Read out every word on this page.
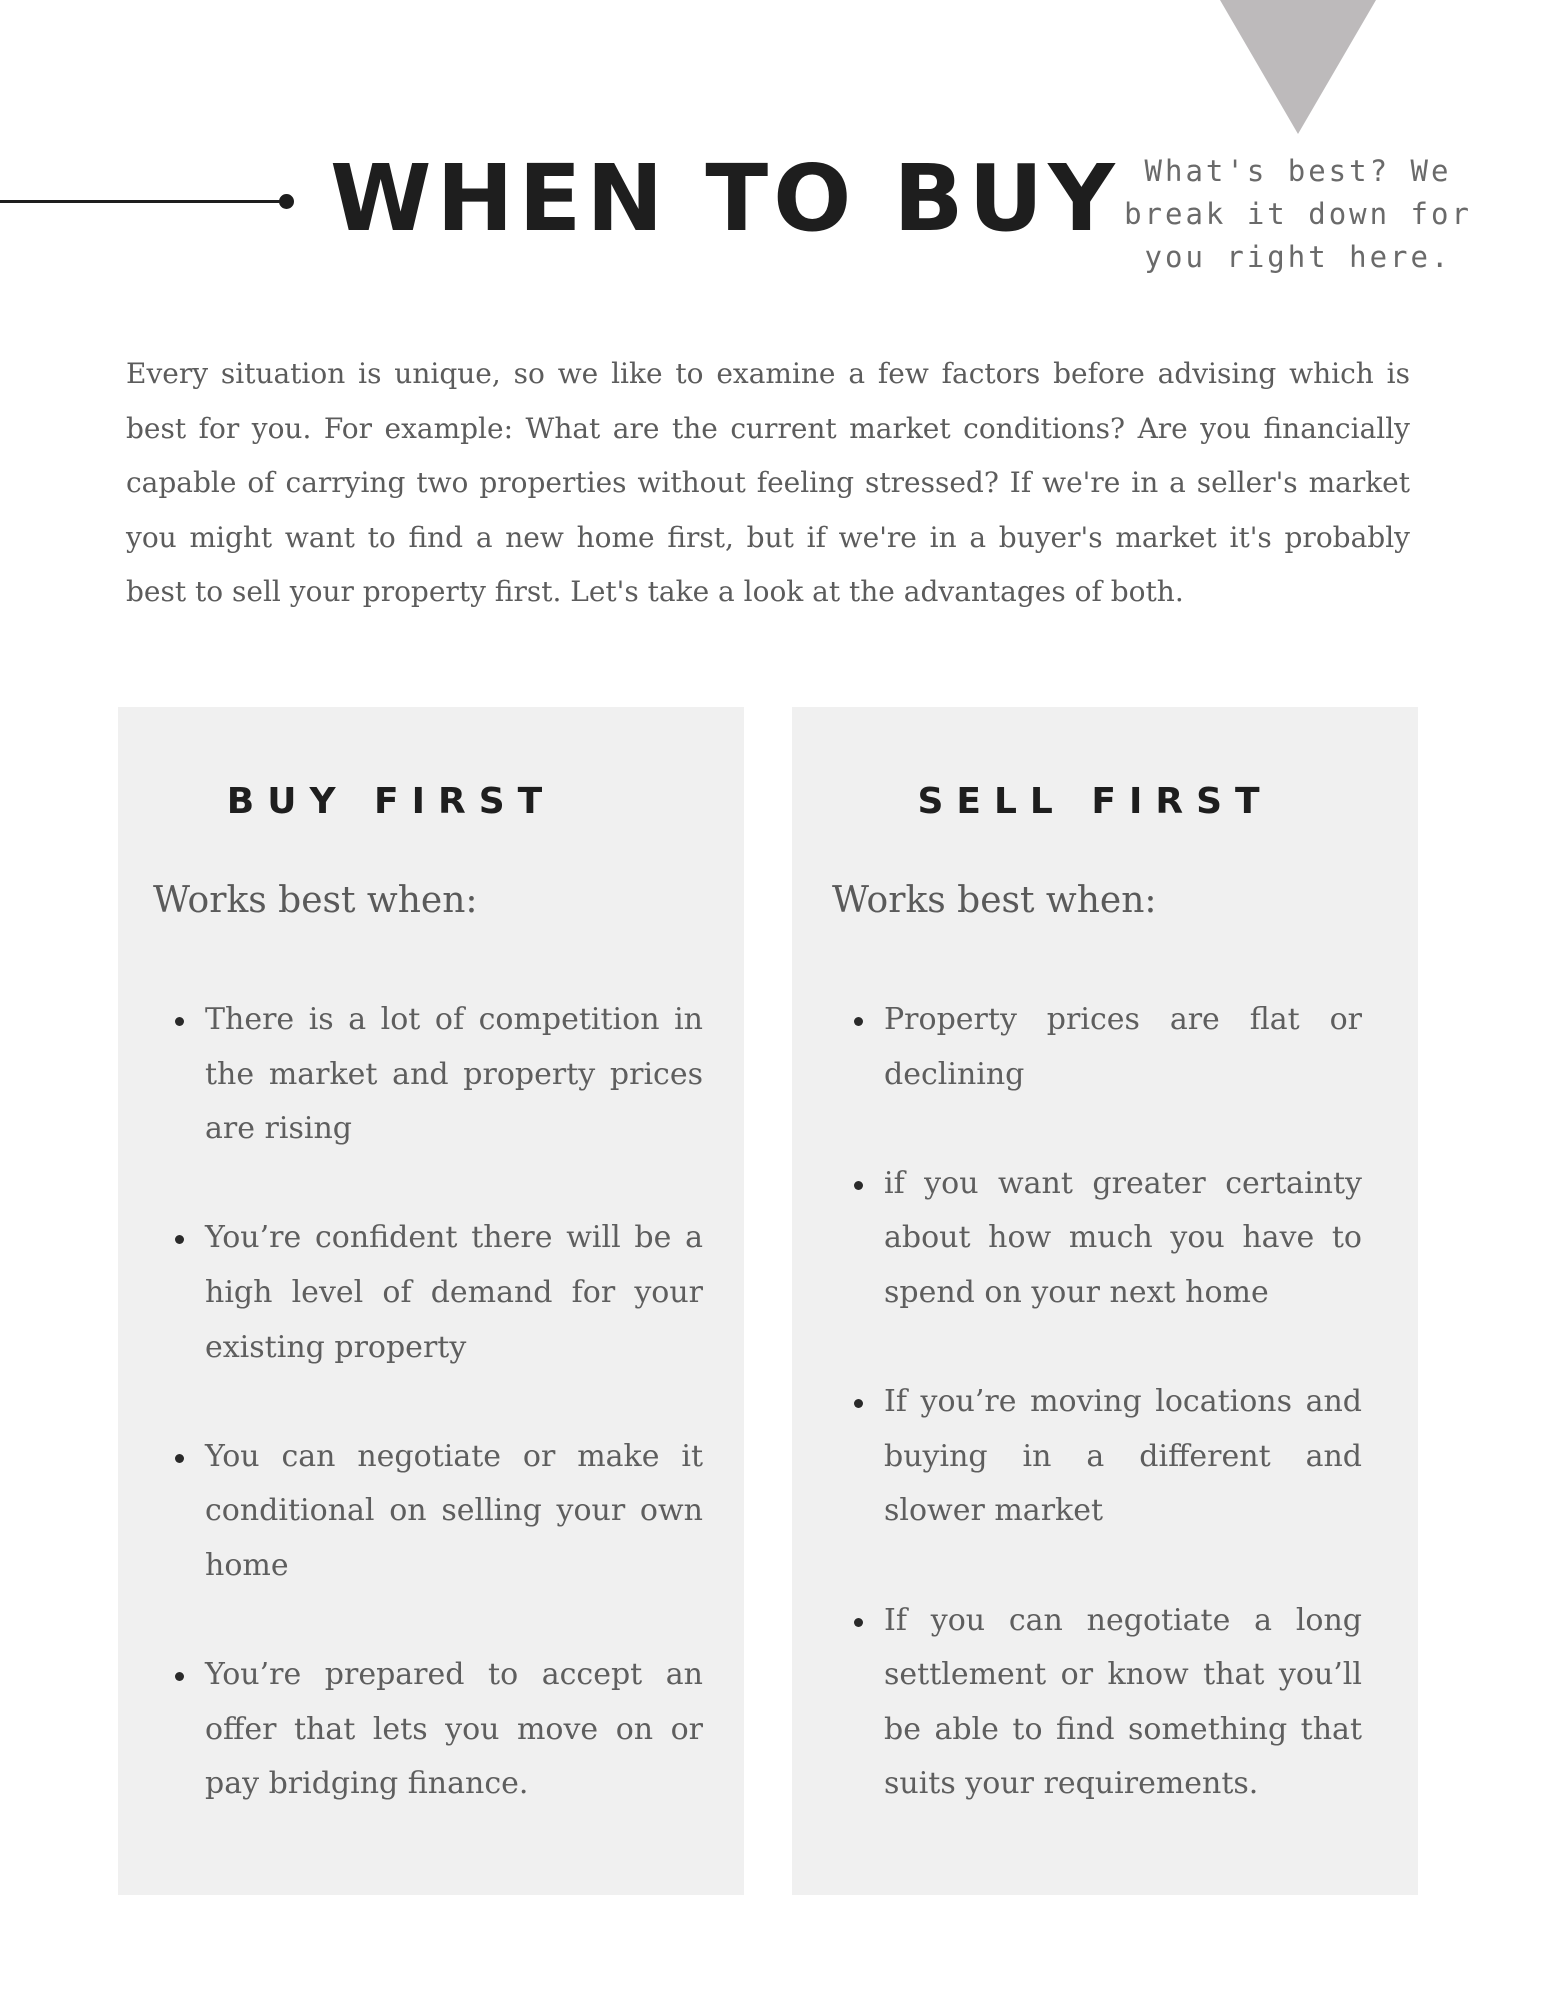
WHEN TO BUY What's best? We break it down for you right here.

Every situation is unique, so we like to examine a few factors before advising which is best for you. For example: What are the current market conditions? Are you financially capable of carrying two properties without feeling stressed? If we're in a seller's market you might want to find a new home first, but if we're in a buyer's market it's probably best to sell your property first. Let's take a look at the advantages of both.

BUY FIRST

Works best when:

There is a lot of competition in the market and property prices are rising
You’re confident there will be a high level of demand for your existing property
You can negotiate or make it conditional on selling your own home
You’re prepared to accept an offer that lets you move on or pay bridging finance.
SELL FIRST

Works best when:

Property prices are flat or declining
if you want greater certainty about how much you have to spend on your next home
If you’re moving locations and buying in a different and slower market
If you can negotiate a long settlement or know that you’ll be able to find something that suits your requirements.
